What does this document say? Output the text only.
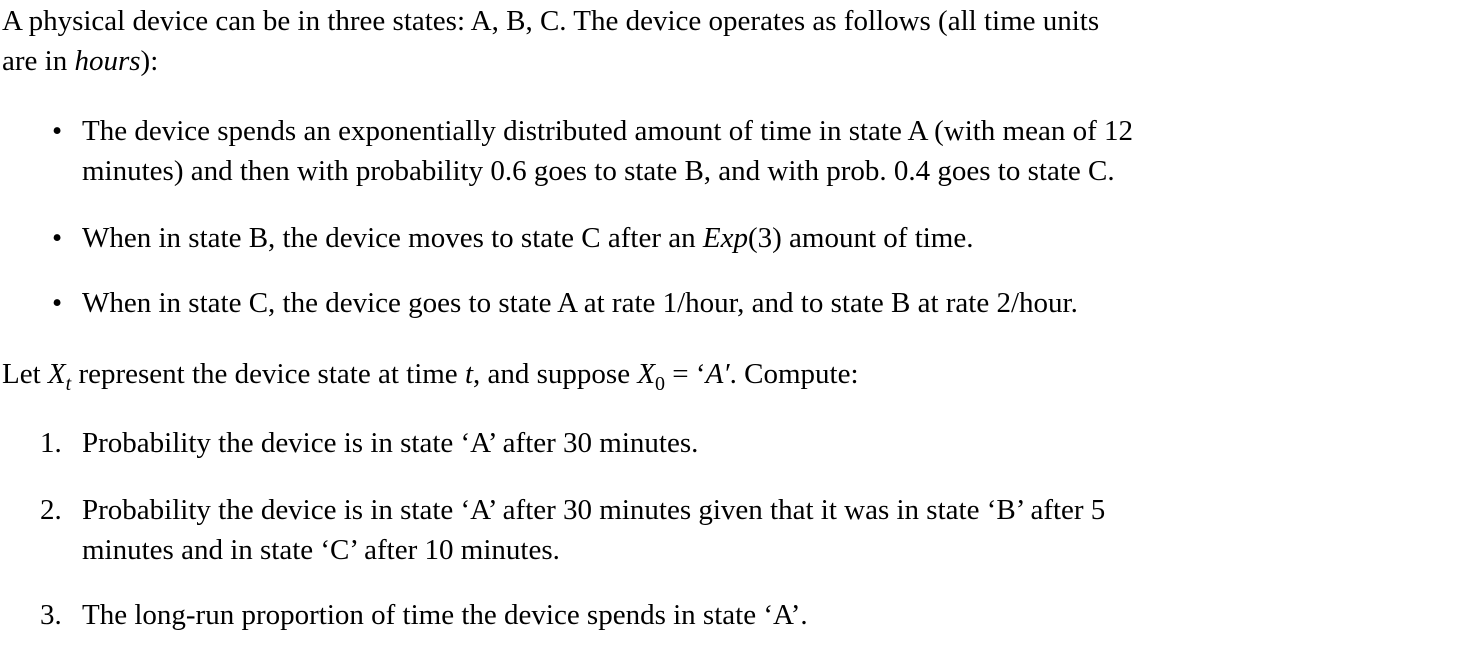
A physical device can be in three states: A, B, C. The device operates as follows (all time units
are in hours):
• The device spends an exponentially distributed amount of time in state A (with mean of 12
minutes) and then with probability 0.6 goes to state B, and with prob. 0.4 goes to state C.
• When in state B, the device moves to state C after an Exp(3) amount of time.
• When in state C, the device goes to state A at rate 1/hour, and to state B at rate 2/hour.
Let $X_t$ represent the device state at time t, and suppose $X_0$ = ‘A′. Compute:
1. Probability the device is in state ‘A’ after 30 minutes.
2. Probability the device is in state ‘A’ after 30 minutes given that it was in state ‘B’ after 5
minutes and in state ‘C’ after 10 minutes.
3. The long-run proportion of time the device spends in state ‘A’.
